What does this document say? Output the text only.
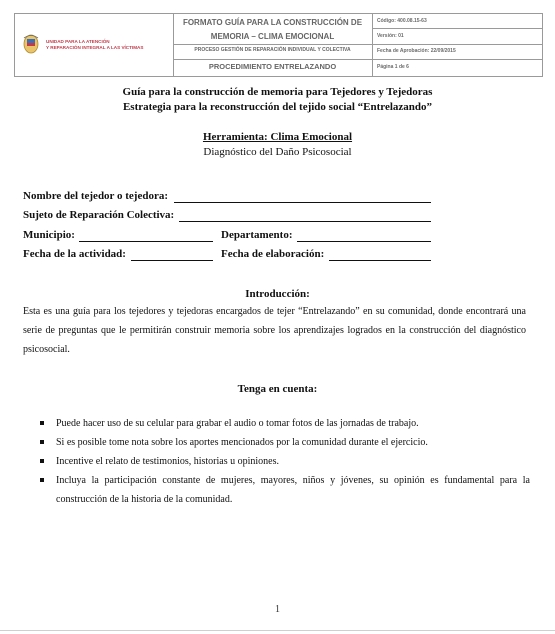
UNIDAD PARA LA ATENCIÓN
Y REPARACIÓN INTEGRAL A LAS VÍCTIMAS
FORMATO GUÍA PARA LA CONSTRUCCIÓN DE MEMORIA – CLIMA EMOCIONAL
PROCESO GESTIÓN DE REPARACIÓN INDIVIDUAL Y COLECTIVA
PROCEDIMIENTO ENTRELAZANDO
Código: 400.08.15-63
Versión: 01
Fecha de Aprobación: 22/09/2015
Página 1 de 6
Guía para la construcción de memoria para Tejedores y Tejedoras
Estrategia para la reconstrucción del tejido social “Entrelazando”
Herramienta: Clima Emocional
Diagnóstico del Daño Psicosocial
Nombre del tejedor o tejedora:
Sujeto de Reparación Colectiva:
Municipio:	Departamento:
Fecha de la actividad:	Fecha de elaboración:
Introducción:
Esta es una guía para los tejedores y tejedoras encargados de tejer “Entrelazando” en su comunidad, donde encontrará una serie de preguntas que le permitirán construir memoria sobre los aprendizajes logrados en la construcción del diagnóstico psicosocial.
Tenga en cuenta:

Puede hacer uso de su celular para grabar el audio o tomar fotos de las jornadas de trabajo.

Si es posible tome nota sobre los aportes mencionados por la comunidad durante el ejercicio.

Incentive el relato de testimonios, historias u opiniones.

Incluya la participación constante de mujeres, mayores, niños y jóvenes, su opinión es fundamental para la construcción de la historia de la comunidad.

1
